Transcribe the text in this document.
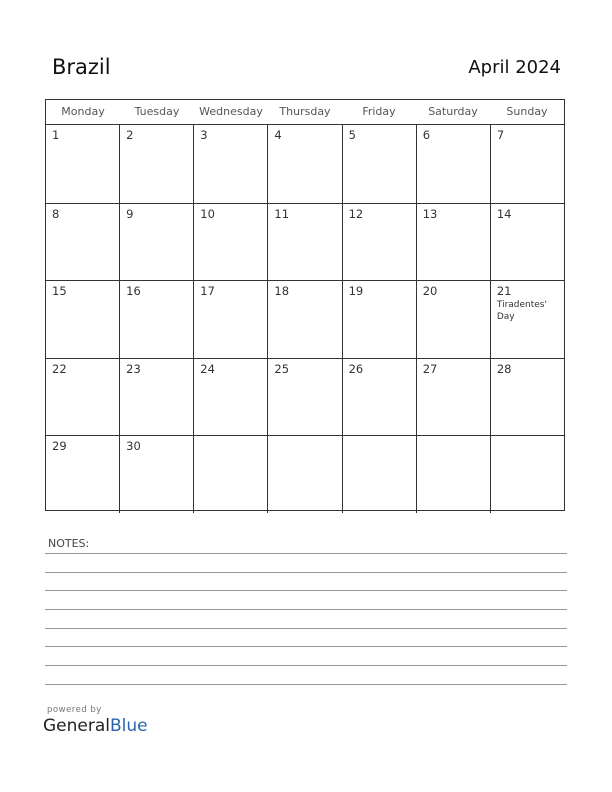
Brazil	April 2024
Monday	Tuesday	Wednesday	Thursday	Friday	Saturday	Sunday
1	2	3	4	5	6	7
8	9	10	11	12	13	14
15	16	17	18	19	20	21
Tiradentes' Day
22	23	24	25	26	27	28
29	30
NOTES:
powered by
GeneralBlue
